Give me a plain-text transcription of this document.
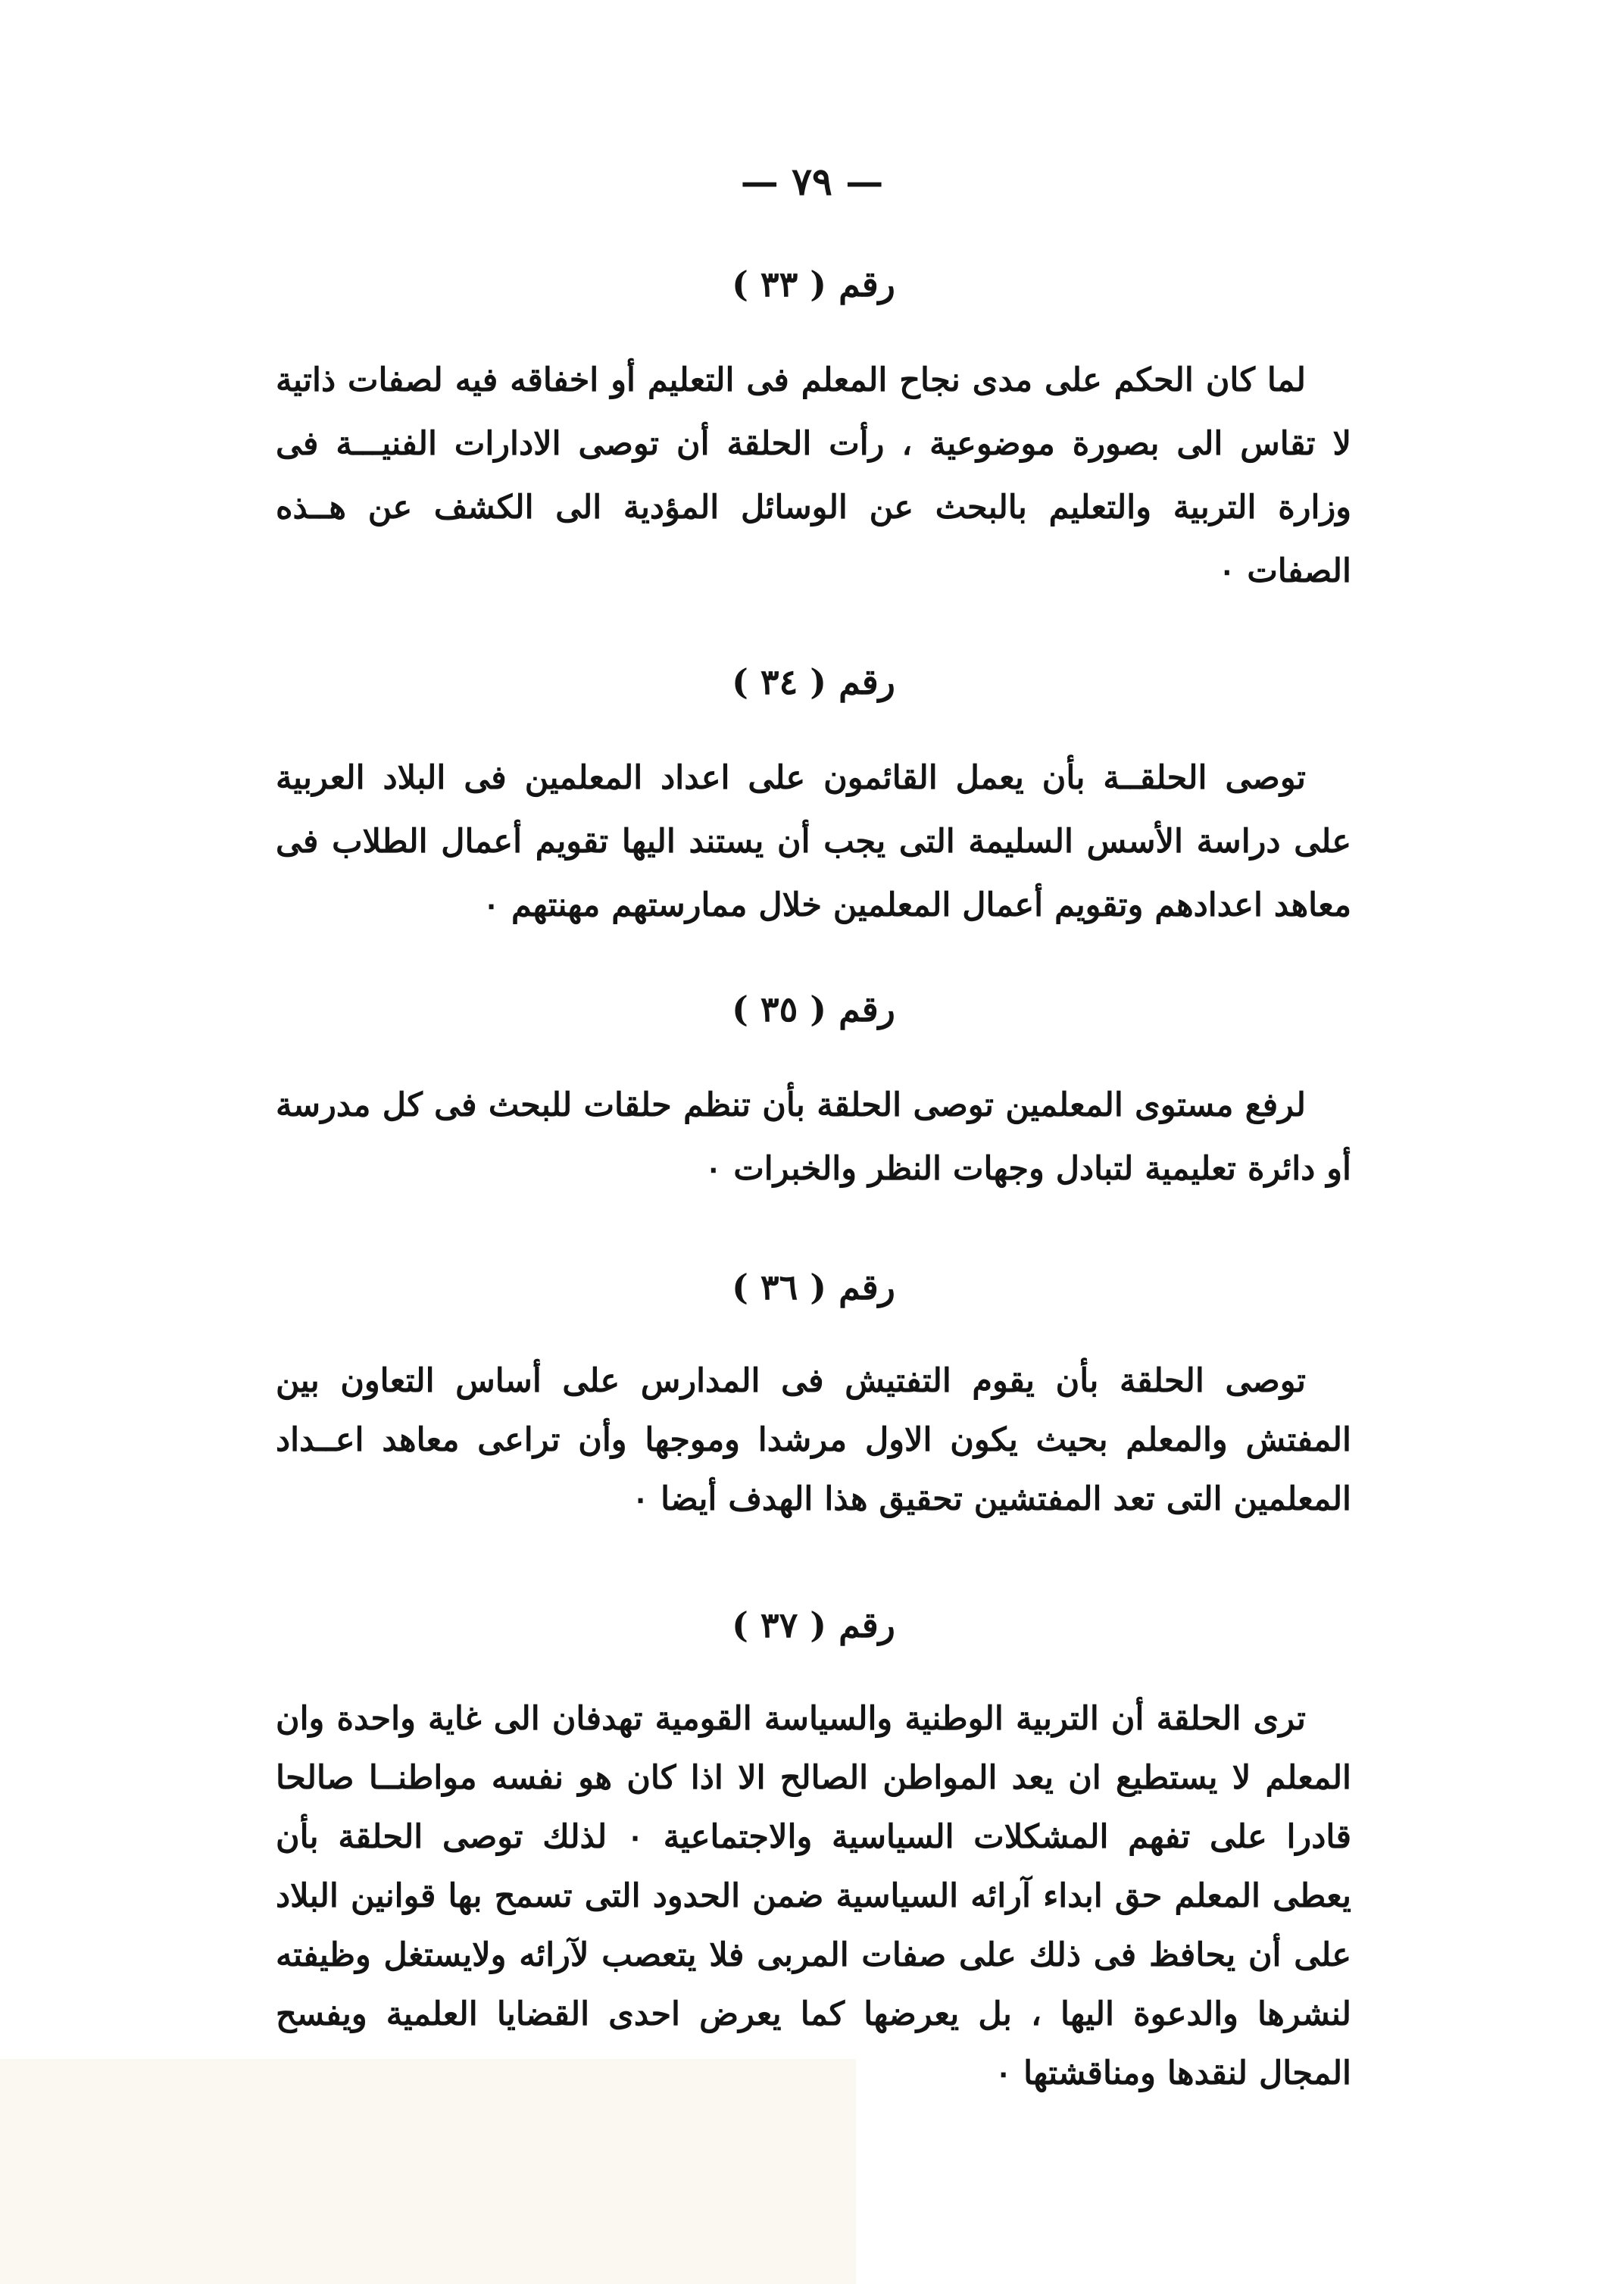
— ٧٩ —
رقم ( ٣٣ )

لما كان الحكم على مدى نجاح المعلم فى التعليم أو اخفاقه فيه لصفات ذاتية لا تقاس الى بصورة موضوعية ، رأت الحلقة أن توصى الادارات الفنيـــة فى وزارة التربية والتعليم بالبحث عن الوسائل المؤدية الى الكشف عن هــذه الصفات ٠

رقم ( ٣٤ )

توصى الحلقــة بأن يعمل القائمون على اعداد المعلمين فى البلاد العربية على دراسة الأسس السليمة التى يجب أن يستند اليها تقويم أعمال الطلاب فى معاهد اعدادهم وتقويم أعمال المعلمين خلال ممارستهم مهنتهم ٠

رقم ( ٣٥ )

لرفع مستوى المعلمين توصى الحلقة بأن تنظم حلقات للبحث فى كل مدرسة أو دائرة تعليمية لتبادل وجهات النظر والخبرات ٠

رقم ( ٣٦ )

توصى الحلقة بأن يقوم التفتيش فى المدارس على أساس التعاون بين المفتش والمعلم بحيث يكون الاول مرشدا وموجها وأن تراعى معاهد اعــداد المعلمين التى تعد المفتشين تحقيق هذا الهدف أيضا ٠

رقم ( ٣٧ )

ترى الحلقة أن التربية الوطنية والسياسة القومية تهدفان الى غاية واحدة وان المعلم لا يستطيع ان يعد المواطن الصالح الا اذا كان هو نفسه مواطنــا صالحا قادرا على تفهم المشكلات السياسية والاجتماعية ٠ لذلك توصى الحلقة بأن يعطى المعلم حق ابداء آرائه السياسية ضمن الحدود التى تسمح بها قوانين البلاد على أن يحافظ فى ذلك على صفات المربى فلا يتعصب لآرائه ولايستغل وظيفته لنشرها والدعوة اليها ، بل يعرضها كما يعرض احدى القضايا العلمية ويفسح المجال لنقدها ومناقشتها ٠
